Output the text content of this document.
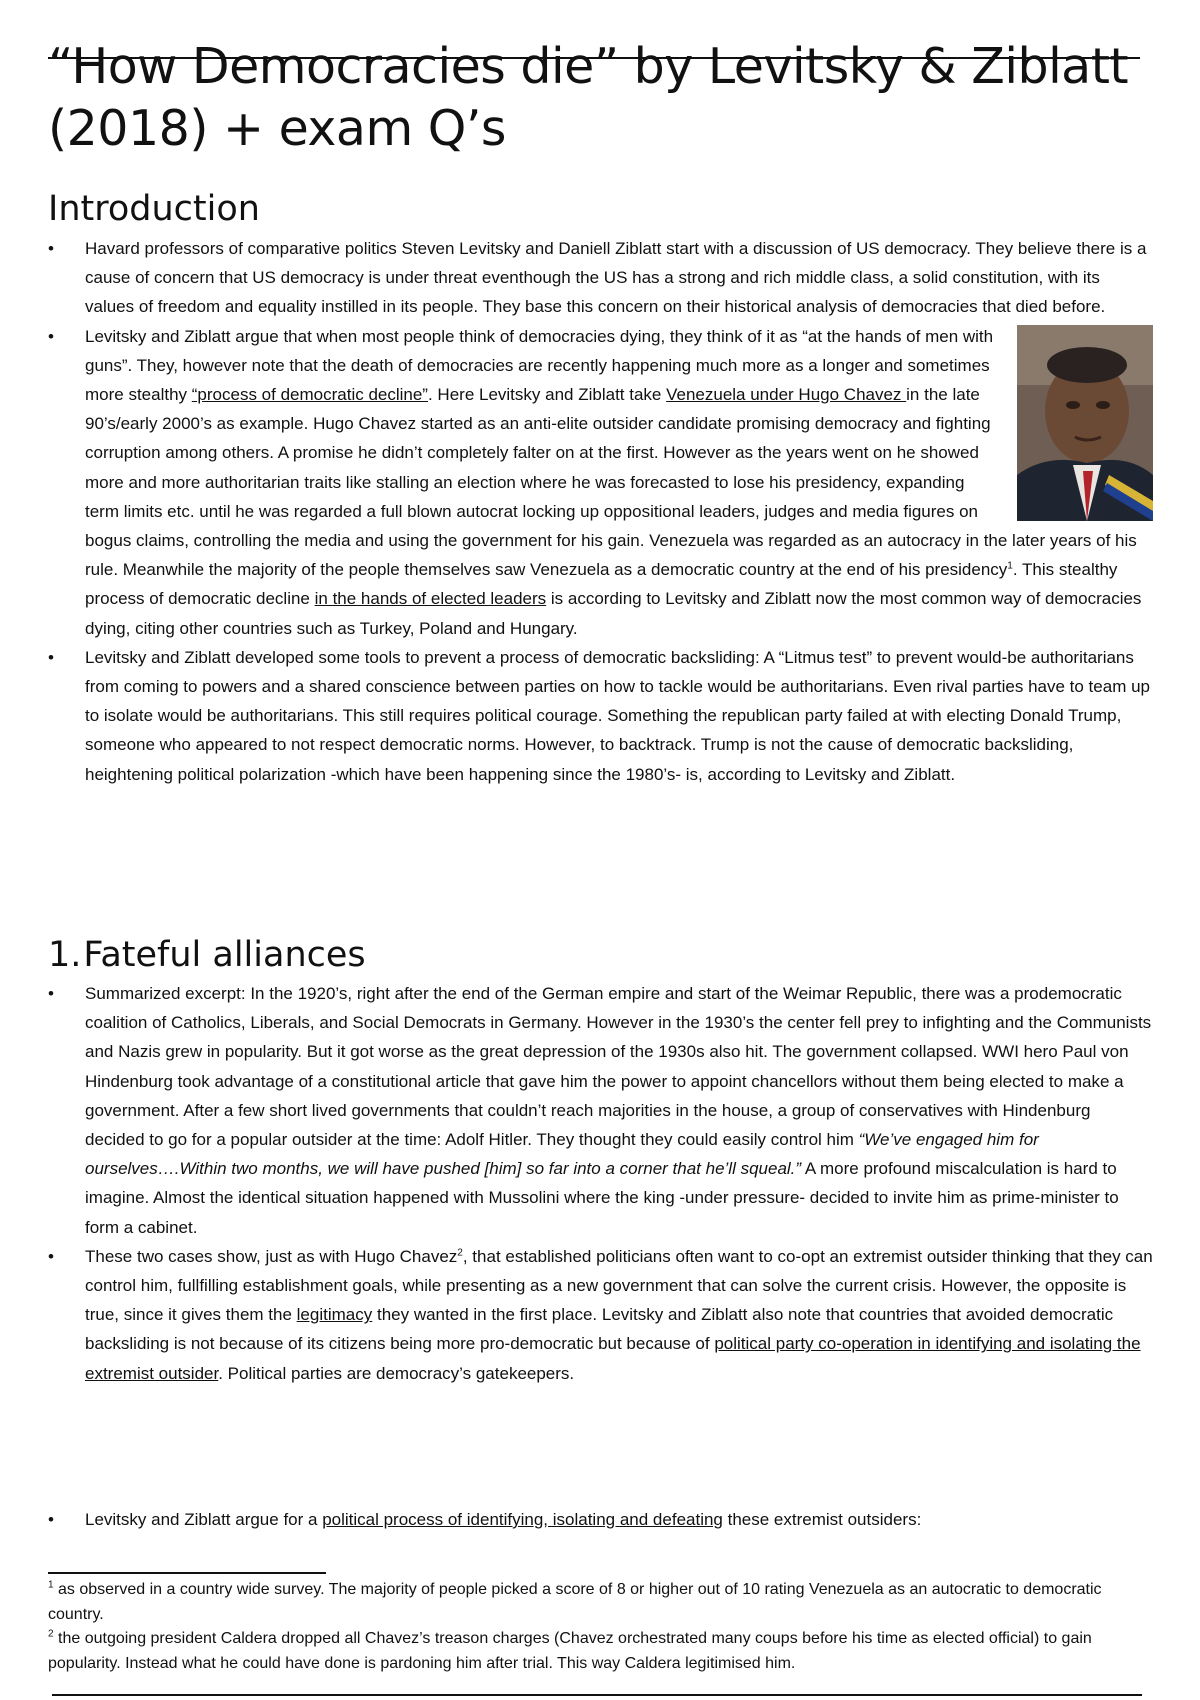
“How Democracies die” by Levitsky & Ziblatt (2018) + exam Q’s
Introduction
• Havard professors of comparative politics Steven Levitsky and Daniell Ziblatt start with a discussion of US democracy. They believe there is a cause of concern that US democracy is under threat eventhough the US has a strong and rich middle class, a solid constitution, with its values of freedom and equality instilled in its people. They base this concern on their historical analysis of democracies that died before.
• Levitsky and Ziblatt argue that when most people think of democracies dying, they think of it as “at the hands of men with guns”. They, however note that the death of democracies are recently happening much more as a longer and sometimes more stealthy “process of democratic decline”. Here Levitsky and Ziblatt take Venezuela under Hugo Chavez in the late 90’s/early 2000’s as example. Hugo Chavez started as an anti-elite outsider candidate promising democracy and fighting corruption among others. A promise he didn’t completely falter on at the first. However as the years went on he showed more and more authoritarian traits like stalling an election where he was forecasted to lose his presidency, expanding term limits etc. until he was regarded a full blown autocrat locking up oppositional leaders, judges and media figures on bogus claims, controlling the media and using the government for his gain. Venezuela was regarded as an autocracy in the later years of his rule. Meanwhile the majority of the people themselves saw Venezuela as a democratic country at the end of his presidency$^1$. This stealthy process of democratic decline in the hands of elected leaders is according to Levitsky and Ziblatt now the most common way of democracies dying, citing other countries such as Turkey, Poland and Hungary.
• Levitsky and Ziblatt developed some tools to prevent a process of democratic backsliding: A “Litmus test” to prevent would-be authoritarians from coming to powers and a shared conscience between parties on how to tackle would be authoritarians. Even rival parties have to team up to isolate would be authoritarians. This still requires political courage. Something the republican party failed at with electing Donald Trump, someone who appeared to not respect democratic norms. However, to backtrack. Trump is not the cause of democratic backsliding, heightening political polarization -which have been happening since the 1980’s- is, according to Levitsky and Ziblatt.
1.Fateful alliances
• Summarized excerpt: In the 1920’s, right after the end of the German empire and start of the Weimar Republic, there was a prodemocratic coalition of Catholics, Liberals, and Social Democrats in Germany. However in the 1930’s the center fell prey to infighting and the Communists and Nazis grew in popularity. But it got worse as the great depression of the 1930s also hit. The government collapsed. WWI hero Paul von Hindenburg took advantage of a constitutional article that gave him the power to appoint chancellors without them being elected to make a government. After a few short lived governments that couldn’t reach majorities in the house, a group of conservatives with Hindenburg decided to go for a popular outsider at the time: Adolf Hitler. They thought they could easily control him “We’ve engaged him for ourselves….Within two months, we will have pushed [him] so far into a corner that he’ll squeal.” A more profound miscalculation is hard to imagine. Almost the identical situation happened with Mussolini where the king -under pressure- decided to invite him as prime-minister to form a cabinet.
• These two cases show, just as with Hugo Chavez$^2$, that established politicians often want to co-opt an extremist outsider thinking that they can control him, fullfilling establishment goals, while presenting as a new government that can solve the current crisis. However, the opposite is true, since it gives them the legitimacy they wanted in the first place. Levitsky and Ziblatt also note that countries that avoided democratic backsliding is not because of its citizens being more pro-democratic but because of political party co-operation in identifying and isolating the extremist outsider. Political parties are democracy’s gatekeepers.
• Levitsky and Ziblatt argue for a political process of identifying, isolating and defeating these extremist outsiders:

$^1$ as observed in a country wide survey. The majority of people picked a score of 8 or higher out of 10 rating Venezuela as an autocratic to democratic country.

$^2$ the outgoing president Caldera dropped all Chavez’s treason charges (Chavez orchestrated many coups before his time as elected official) to gain popularity. Instead what he could have done is pardoning him after trial. This way Caldera legitimised him.
